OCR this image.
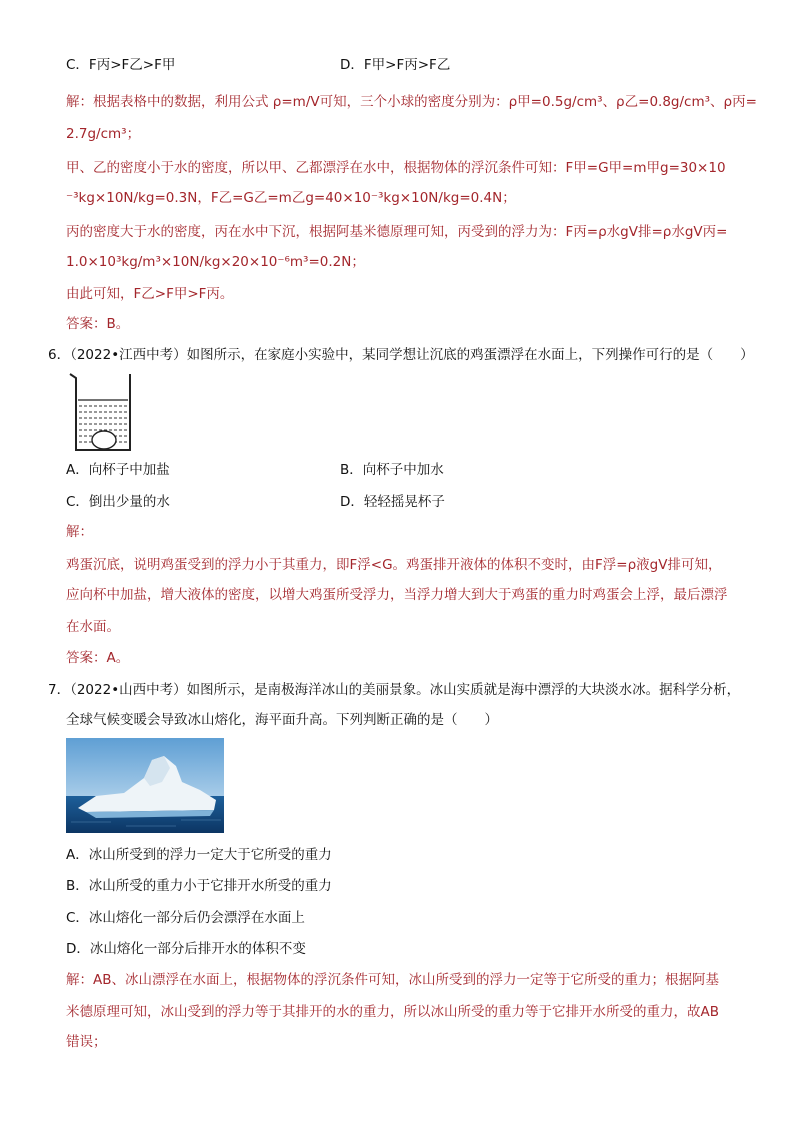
C．F丙>F乙>F甲	D．F甲>F丙>F乙
解：根据表格中的数据，利用公式 ρ=m/V可知，三个小球的密度分别为：ρ甲=0.5g/cm³、ρ乙=0.8g/cm³、ρ丙=
2.7g/cm³；
甲、乙的密度小于水的密度，所以甲、乙都漂浮在水中，根据物体的浮沉条件可知：F甲=G甲=m甲g=30×10
⁻³kg×10N/kg=0.3N，F乙=G乙=m乙g=40×10⁻³kg×10N/kg=0.4N；
丙的密度大于水的密度，丙在水中下沉，根据阿基米德原理可知，丙受到的浮力为：F丙=ρ水gV排=ρ水gV丙=
1.0×10³kg/m³×10N/kg×20×10⁻⁶m³=0.2N；
由此可知，F乙>F甲>F丙。
答案：B。
6．（2022•江西中考）如图所示，在家庭小实验中，某同学想让沉底的鸡蛋漂浮在水面上，下列操作可行的是（　　）
A．向杯子中加盐	B．向杯子中加水
C．倒出少量的水	D．轻轻摇晃杯子
解：
鸡蛋沉底，说明鸡蛋受到的浮力小于其重力，即F浮<G。鸡蛋排开液体的体积不变时，由F浮=ρ液gV排可知，
应向杯中加盐，增大液体的密度，以增大鸡蛋所受浮力，当浮力增大到大于鸡蛋的重力时鸡蛋会上浮，最后漂浮
在水面。
答案：A。
7．（2022•山西中考）如图所示，是南极海洋冰山的美丽景象。冰山实质就是海中漂浮的大块淡水冰。据科学分析，
全球气候变暖会导致冰山熔化，海平面升高。下列判断正确的是（　　）
A．冰山所受到的浮力一定大于它所受的重力
B．冰山所受的重力小于它排开水所受的重力
C．冰山熔化一部分后仍会漂浮在水面上
D．冰山熔化一部分后排开水的体积不变
解：AB、冰山漂浮在水面上，根据物体的浮沉条件可知，冰山所受到的浮力一定等于它所受的重力；根据阿基
米德原理可知，冰山受到的浮力等于其排开的水的重力，所以冰山所受的重力等于它排开水所受的重力，故AB
错误；
